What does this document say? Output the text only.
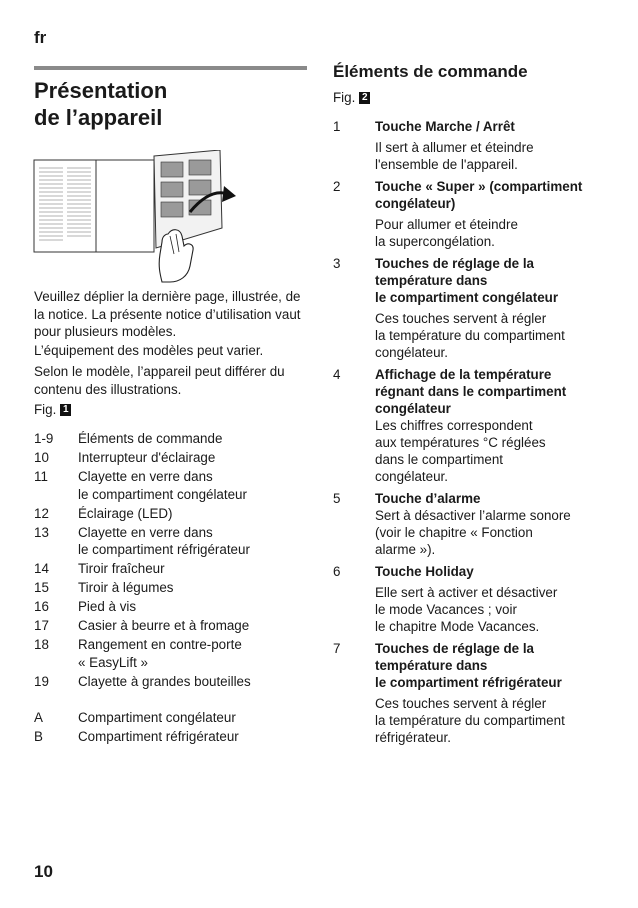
fr
Présentation
de l’appareil
Veuillez déplier la dernière page, illustrée, de la notice. La présente notice d’utilisation vaut pour plusieurs modèles.
L’équipement des modèles peut varier.
Selon le modèle, l’appareil peut différer du contenu des illustrations.
Fig. 1
1-9	Éléments de commande
10	Interrupteur d'éclairage
11	Clayette en verre dans
le compartiment congélateur
12	Éclairage (LED)
13	Clayette en verre dans
le compartiment réfrigérateur
14	Tiroir fraîcheur
15	Tiroir à légumes
16	Pied à vis
17	Casier à beurre et à fromage
18	Rangement en contre-porte
« EasyLift »
19	Clayette à grandes bouteilles
A	Compartiment congélateur
B	Compartiment réfrigérateur
Éléments de commande
Fig. 2
1	Touche Marche / Arrêt
Il sert à allumer et éteindre
l'ensemble de l'appareil.
2	Touche « Super » (compartiment
congélateur)
Pour allumer et éteindre
la supercongélation.
3	Touches de réglage de la
température dans
le compartiment congélateur
Ces touches servent à régler
la température du compartiment
congélateur.
4	Affichage de la température
régnant dans le compartiment
congélateur
Les chiffres correspondent
aux températures °C réglées
dans le compartiment
congélateur.
5	Touche d’alarme
Sert à désactiver l’alarme sonore
(voir le chapitre « Fonction
alarme »).
6	Touche Holiday
Elle sert à activer et désactiver
le mode Vacances ; voir
le chapitre Mode Vacances.
7	Touches de réglage de la
température dans
le compartiment réfrigérateur
Ces touches servent à régler
la température du compartiment
réfrigérateur.
10
